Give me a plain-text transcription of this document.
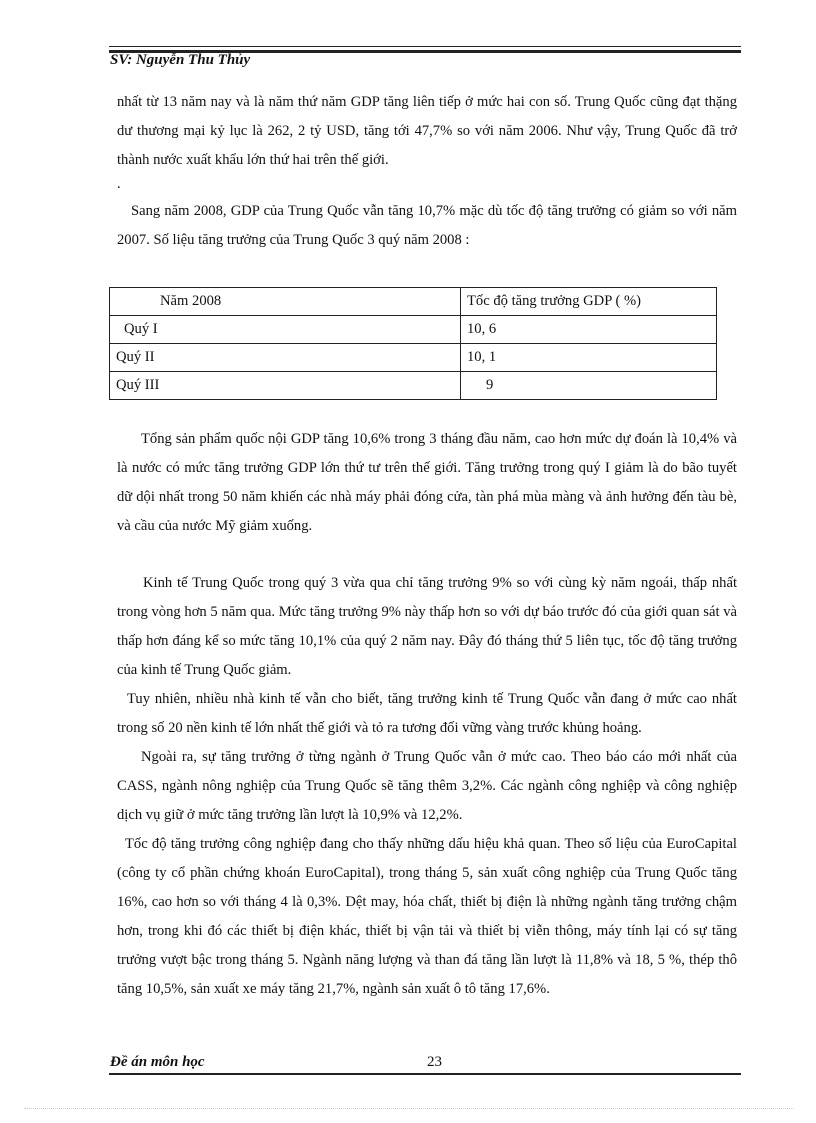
SV: Nguyễn Thu Thủy

nhất từ 13 năm nay và là năm thứ năm GDP tăng liên tiếp ở mức hai con số. Trung Quốc cũng đạt thặng dư thương mại kỷ lục là 262, 2 tỷ USD, tăng tới 47,7% so với năm 2006. Như vậy, Trung Quốc đã trở thành nước xuất khẩu lớn thứ hai trên thế giới.

.

Sang năm 2008, GDP của Trung Quốc vẫn tăng 10,7% mặc dù tốc độ tăng trưởng có giảm so với năm 2007. Số liệu tăng trưởng của Trung Quốc 3 quý năm 2008 :

Năm 2008	Tốc độ tăng trưởng GDP ( %)
Quý I	10, 6
Quý II	10, 1
Quý III	9

Tổng sản phẩm quốc nội GDP tăng 10,6% trong 3 tháng đầu năm, cao hơn mức dự đoán là 10,4% và là nước có mức tăng trưởng GDP lớn thứ tư trên thế giới. Tăng trưởng trong quý I giảm là do bão tuyết dữ dội nhất trong 50 năm khiến các nhà máy phải đóng cửa, tàn phá mùa màng và ảnh hưởng đến tàu bè, và cầu của nước Mỹ giảm xuống.

Kinh tế Trung Quốc trong quý 3 vừa qua chỉ tăng trưởng 9% so với cùng kỳ năm ngoái, thấp nhất trong vòng hơn 5 năm qua. Mức tăng trưởng 9% này thấp hơn so với dự báo trước đó của giới quan sát và thấp hơn đáng kể so mức tăng 10,1% của quý 2 năm nay. Đây đó tháng thứ 5 liên tục, tốc độ tăng trưởng của kinh tế Trung Quốc giảm.

Tuy nhiên, nhiều nhà kinh tế vẫn cho biết, tăng trưởng kinh tế Trung Quốc vẫn đang ở mức cao nhất trong số 20 nền kinh tế lớn nhất thế giới và tỏ ra tương đối vững vàng trước khủng hoảng.

Ngoài ra, sự tăng trưởng ở từng ngành ở Trung Quốc vẫn ở mức cao. Theo báo cáo mới nhất của CASS, ngành nông nghiệp của Trung Quốc sẽ tăng thêm 3,2%. Các ngành công nghiệp và công nghiệp dịch vụ giữ ở mức tăng trưởng lần lượt là 10,9% và 12,2%.

Tốc độ tăng trưởng công nghiệp đang cho thấy những dấu hiệu khả quan. Theo số liệu của EuroCapital (công ty cổ phần chứng khoán EuroCapital), trong tháng 5, sản xuất công nghiệp của Trung Quốc tăng 16%, cao hơn so với tháng 4 là 0,3%. Dệt may, hóa chất, thiết bị điện là những ngành tăng trưởng chậm hơn, trong khi đó các thiết bị điện khác, thiết bị vận tải và thiết bị viễn thông, máy tính lại có sự tăng trưởng vượt bậc trong tháng 5. Ngành năng lượng và than đá tăng lần lượt là 11,8% và 18, 5 %, thép thô tăng 10,5%, sản xuất xe máy tăng 21,7%, ngành sản xuất ô tô tăng 17,6%.

Đề án môn học	23
